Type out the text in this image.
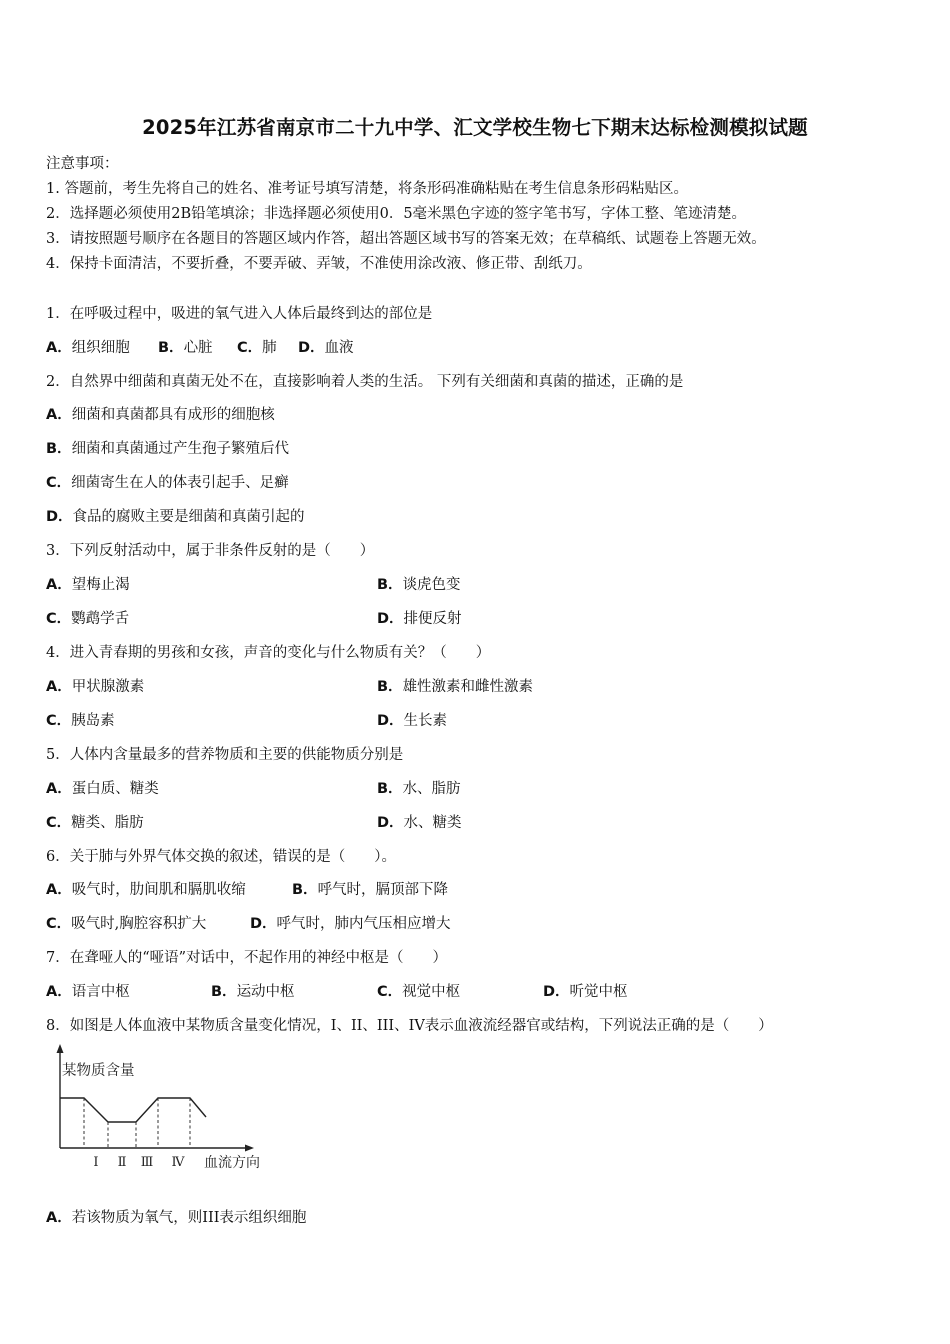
2025年江苏省南京市二十九中学、汇文学校生物七下期末达标检测模拟试题
注意事项：
1. 答题前，考生先将自己的姓名、准考证号填写清楚，将条形码准确粘贴在考生信息条形码粘贴区。
2．选择题必须使用2B铅笔填涂；非选择题必须使用0．5毫米黑色字迹的签字笔书写，字体工整、笔迹清楚。
3．请按照题号顺序在各题目的答题区域内作答，超出答题区域书写的答案无效；在草稿纸、试题卷上答题无效。
4．保持卡面清洁，不要折叠，不要弄破、弄皱，不准使用涂改液、修正带、刮纸刀。
1．在呼吸过程中，吸进的氧气进入人体后最终到达的部位是
A．组织细胞 B．心脏 C．肺 D．血液
2．自然界中细菌和真菌无处不在，直接影响着人类的生活。 下列有关细菌和真菌的描述，正确的是
A．细菌和真菌都具有成形的细胞核
B．细菌和真菌通过产生孢子繁殖后代
C．细菌寄生在人的体表引起手、足癣
D．食品的腐败主要是细菌和真菌引起的
3．下列反射活动中，属于非条件反射的是（　　）
A．望梅止渴	B．谈虎色变
C．鹦鹉学舌	D．排便反射
4．进入青春期的男孩和女孩，声音的变化与什么物质有关？（　　）
A．甲状腺激素	B．雄性激素和雌性激素
C．胰岛素	D．生长素
5．人体内含量最多的营养物质和主要的供能物质分别是
A．蛋白质、糖类	B．水、脂肪
C．糖类、脂肪	D．水、糖类
6．关于肺与外界气体交换的叙述，错误的是（　　）。
A．吸气时，肋间肌和膈肌收缩	B．呼气时，膈顶部下降
C．吸气时,胸腔容积扩大	D．呼气时，肺内气压相应增大
7．在聋哑人的“哑语”对话中，不起作用的神经中枢是（　　）
A．语言中枢	B．运动中枢	C．视觉中枢	D．听觉中枢
8．如图是人体血液中某物质含量变化情况，I、II、III、IV表示血液流经器官或结构，下列说法正确的是（　　）
某物质含量
Ⅰ Ⅱ Ⅲ Ⅳ 血流方向
A．若该物质为氧气，则III表示组织细胞
